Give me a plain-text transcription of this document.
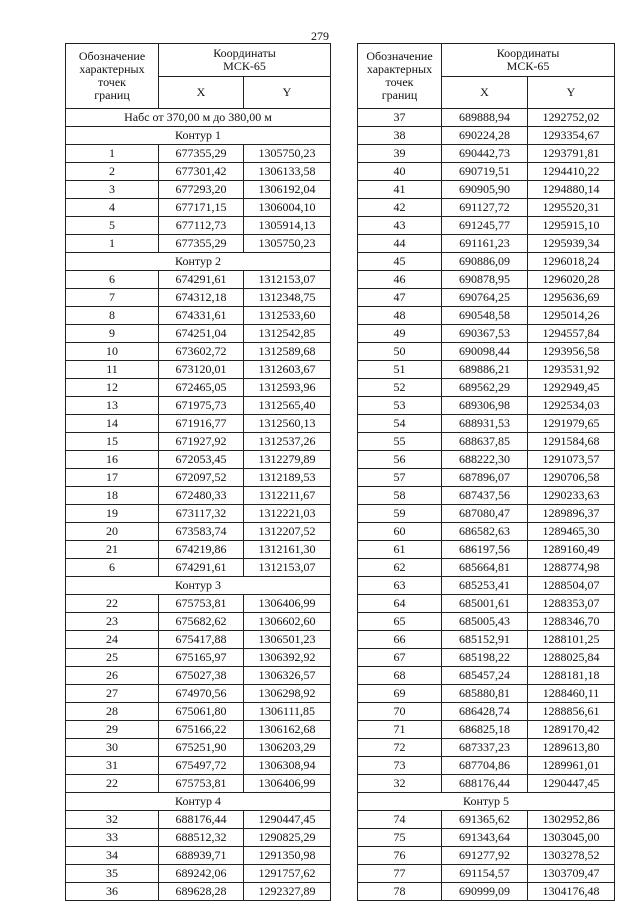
279
Обозначение
характерных
точек
границ	Координаты
МСК-65	
	X	Y
Набс от 370,00 м до 380,00 м		
Контур 1		
1	677355,29	1305750,23
2	677301,42	1306133,58
3	677293,20	1306192,04
4	677171,15	1306004,10
5	677112,73	1305914,13
1	677355,29	1305750,23
Контур 2		
6	674291,61	1312153,07
7	674312,18	1312348,75
8	674331,61	1312533,60
9	674251,04	1312542,85
10	673602,72	1312589,68
11	673120,01	1312603,67
12	672465,05	1312593,96
13	671975,73	1312565,40
14	671916,77	1312560,13
15	671927,92	1312537,26
16	672053,45	1312279,89
17	672097,52	1312189,53
18	672480,33	1312211,67
19	673117,32	1312221,03
20	673583,74	1312207,52
21	674219,86	1312161,30
6	674291,61	1312153,07
Контур 3		
22	675753,81	1306406,99
23	675682,62	1306602,60
24	675417,88	1306501,23
25	675165,97	1306392,92
26	675027,38	1306326,57
27	674970,56	1306298,92
28	675061,80	1306111,85
29	675166,22	1306162,68
30	675251,90	1306203,29
31	675497,72	1306308,94
22	675753,81	1306406,99
Контур 4		
32	688176,44	1290447,45
33	688512,32	1290825,29
34	688939,71	1291350,98
35	689242,06	1291757,62
36	689628,28	1292327,89
Обозначение
характерных
точек
границ	Координаты
МСК-65	
	X	Y
37	689888,94	1292752,02
38	690224,28	1293354,67
39	690442,73	1293791,81
40	690719,51	1294410,22
41	690905,90	1294880,14
42	691127,72	1295520,31
43	691245,77	1295915,10
44	691161,23	1295939,34
45	690886,09	1296018,24
46	690878,95	1296020,28
47	690764,25	1295636,69
48	690548,58	1295014,26
49	690367,53	1294557,84
50	690098,44	1293956,58
51	689886,21	1293531,92
52	689562,29	1292949,45
53	689306,98	1292534,03
54	688931,53	1291979,65
55	688637,85	1291584,68
56	688222,30	1291073,57
57	687896,07	1290706,58
58	687437,56	1290233,63
59	687080,47	1289896,37
60	686582,63	1289465,30
61	686197,56	1289160,49
62	685664,81	1288774,98
63	685253,41	1288504,07
64	685001,61	1288353,07
65	685005,43	1288346,70
66	685152,91	1288101,25
67	685198,22	1288025,84
68	685457,24	1288181,18
69	685880,81	1288460,11
70	686428,74	1288856,61
71	686825,18	1289170,42
72	687337,23	1289613,80
73	687704,86	1289961,01
32	688176,44	1290447,45
Контур 5		
74	691365,62	1302952,86
75	691343,64	1303045,00
76	691277,92	1303278,52
77	691154,57	1303709,47
78	690999,09	1304176,48
